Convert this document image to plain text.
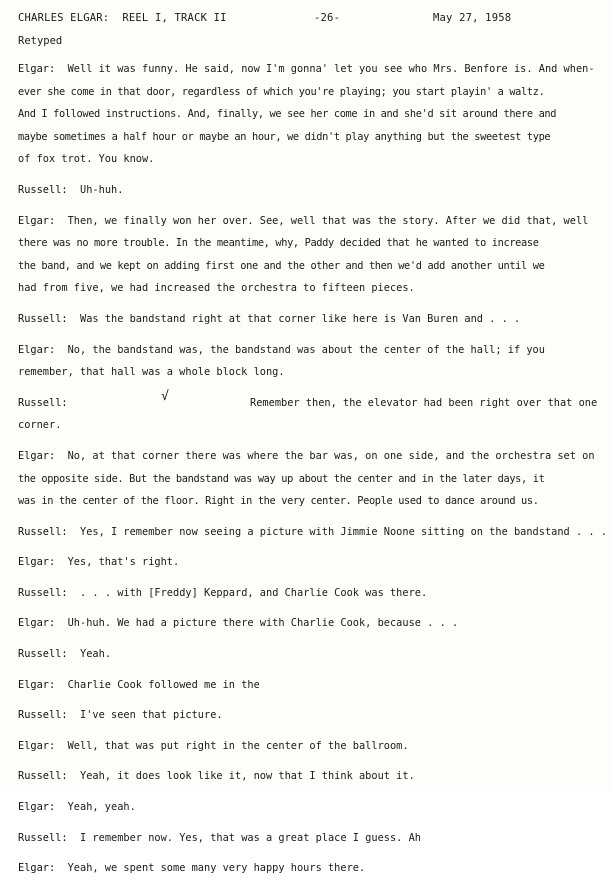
CHARLES ELGAR:  REEL I, TRACK II	-26-	May 27, 1958
Retyped
Elgar: Well it was funny. He said, now I'm gonna' let you see who Mrs. Benfore is. And when-
ever she come in that door, regardless of which you're playing; you start playin' a waltz.
And I followed instructions. And, finally, we see her come in and she'd sit around there and
maybe sometimes a half hour or maybe an hour, we didn't play anything but the sweetest type
of fox trot. You know.
Russell: Uh-huh.
Elgar: Then, we finally won her over. See, well that was the story. After we did that, well
there was no more trouble. In the meantime, why, Paddy decided that he wanted to increase
the band, and we kept on adding first one and the other and then we'd add another until we
had from five, we had increased the orchestra to fifteen pieces.
Russell: Was the bandstand right at that corner like here is Van Buren and . . .
Elgar: No, the bandstand was, the bandstand was about the center of the hall; if you
remember, that hall was a whole block long.
Russell:	√	Remember then, the elevator had been right over that one
corner.
Elgar: No, at that corner there was where the bar was, on one side, and the orchestra set on
the opposite side. But the bandstand was way up about the center and in the later days, it
was in the center of the floor. Right in the very center. People used to dance around us.
Russell: Yes, I remember now seeing a picture with Jimmie Noone sitting on the bandstand . . .
Elgar: Yes, that's right.
Russell: . . . with [Freddy] Keppard, and Charlie Cook was there.
Elgar: Uh-huh. We had a picture there with Charlie Cook, because . . .
Russell: Yeah.
Elgar: Charlie Cook followed me in the
Russell: I've seen that picture.
Elgar: Well, that was put right in the center of the ballroom.
Russell: Yeah, it does look like it, now that I think about it.
Elgar: Yeah, yeah.
Russell: I remember now. Yes, that was a great place I guess. Ah
Elgar: Yeah, we spent some many very happy hours there.
